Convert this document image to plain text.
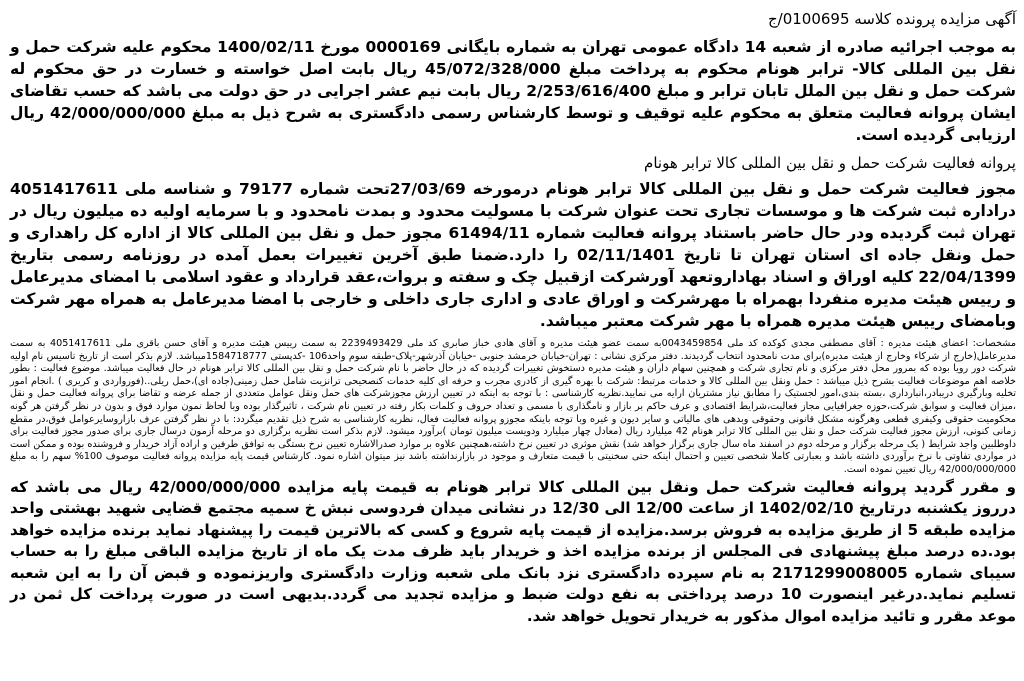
آگهی مزایده پرونده کلاسه 0100695/ج

به موجب اجرائیه صادره از شعبه 14 دادگاه عمومی تهران به شماره بایگانی 0000169 مورخ 1400/02/11 محکوم علیه شرکت حمل و نقل بین المللی کالا- ترابر هونام محکوم به پرداخت مبلغ 45/072/328/000 ریال بابت اصل خواسته و خسارت در حق محکوم له شرکت حمل و نقل بین الملل تابان ترابر و مبلغ 2/253/616/400 ریال بابت نیم عشر اجرایی در حق دولت می باشد که حسب تقاضای ایشان پروانه فعالیت متعلق به محکوم علیه توقیف و توسط کارشناس رسمی دادگستری به شرح ذیل به مبلغ 42/000/000/000 ریال ارزیابی گردیده است.

پروانه فعالیت شرکت حمل و نقل بین المللی کالا ترابر هونام

مجوز فعالیت شرکت حمل و نقل بین المللی کالا ترابر هونام درمورخه 27/03/69تحت شماره 79177 و شناسه ملی 4051417611 دراداره ثبت شرکت ها و موسسات تجاری تحت عنوان شرکت با مسولیت محدود و بمدت نامحدود و با سرمایه اولیه ده میلیون ریال در تهران ثبت گردیده ودر حال حاضر باستناد پروانه فعالیت شماره 61494/11 مجوز حمل و نقل بین المللی کالا از اداره کل راهداری و حمل ونقل جاده ای استان تهران تا تاریخ 02/11/1401 را دارد.ضمنا طبق آخرین تغییرات بعمل آمده در روزنامه رسمی بتاریخ 22/04/1399 کلیه اوراق و اسناد بهاداروتعهد آورشرکت ازقبیل چک و سفته و بروات،عقد قرارداد و عقود اسلامی با امضای مدیرعامل و رییس هیئت مدیره منفردا بهمراه با مهرشرکت و اوراق عادی و اداری جاری داخلی و خارجی با امضا مدیرعامل به همراه مهر شرکت وبامضای رییس هیئت مدیره همراه با مهر شرکت معتبر میباشد.

مشخصات: اعضای هیئت مدیره : آقای مصطفی مجدی کوکده کد ملی 0043459854به سمت عضو هیئت مدیره و آقای هادی خباز صابری کد ملی 2239493429 به سمت رییس هیئت مدیره و آقای حسن باقری ملی 4051417611 به سمت مدیرعامل(خارج از شرکاء وخارج از هیئت مدیره)برای مدت نامحدود انتخاب گردیدند. دفتر مرکزی نشانی : تهران-خیابان خرمشد جنوبی -خیابان آذرشهر-پلاک-طبقه سوم واحد106 -کدپستی 1584718777میباشد. لازم بذکر است از تاریخ تاسیس نام اولیه شرکت دور رویا بوده که بمرور محل دفتر مرکزی و نام تجاری شرکت و همچنین سهام داران و هیئت مدیره دستخوش تغییرات گردیده که در حال حاضر با نام شرکت حمل و نقل بین المللی کالا ترابر هونام در حال فعالیت میباشد. موضوع فعالیت : بطور خلاصه اهم موضوعات فعالیت بشرح ذیل میباشد : حمل ونقل بین المللی کالا و خدمات مرتبط: شرکت با بهره گیری از کادری مجرب و حرفه ای کلیه خدمات کنصحیحی ترانزیت شامل حمل زمینی(جاده ای)،حمل ریلی..(فورواردی و کریری ) .انجام امور تخلیه وبارگیری دریبادر،انبارداری ،بسته بندی،امور لجستیک را مطابق نیاز مشتریان ارایه می نمایید.نظریه کارشناسی : با توجه به اینکه در تعیین ارزش مجوزشرکت های حمل ونقل عوامل متعددی از جمله عرضه و تقاضا برای پروانه فعالیت حمل و نقل ،میزان فعالیت و سوابق شرکت،حوزه جغرافیایی مجاز فعالیت،شرایط اقتصادی و عرف حاکم بر بازار و نامگذاری با مسمی و تعداد حروف و کلمات بکار رفته در تعیین نام شرکت ، تاثیرگذار بوده وبا لحاظ نمون موارد فوق و بدون در نظر گرفتن هر گونه محکومیت حقوقی وکیفری قطعی وهرگونه مشکل قانونی وحقوقی وبدهی های مالیاتی و سایر دیون و غیره وبا توجه باینکه مجوزو پروانه فعالیت فعال، نظریه کارشناسی به شرح ذیل تقدیم میگردد: با در نظر گرفتن عرف بازاروسایرعوامل فوق،در مقطع زمانی کنونی، ارزش مجوز فعالیت شرکت حمل و نقل بین المللی کالا ترابر هونام 42 میلیارد ریال (معادل چهار میلیارد ودویست میلیون تومان )برآورد میشود. لازم بذکر است نظریه برگزاری دو مرحله آزمون درسال جاری برای صدور مجوز فعالیت برای داوطلبین واجد شرایط ( یک مرحله برگزار و مرحله دوم در اسفند ماه سال جاری برگزار خواهد شد) نقش موثری در تعیین نرخ داشته،همچنین علاوه بر موارد صدرالاشاره تعیین نرخ بستگی به توافق طرفین و اراده آزاد خریدار و فروشنده بوده و ممکن است در مواردی تفاوتی با نرخ برآوردی داشته باشد و بعبارتی کاملا شخصی تعیین و احتمال اینکه حتی سخنیتی با قیمت متعارف و موجود در بازارنداشته باشد نیز میتوان اشاره نمود. کارشناس قیمت پایه مزایده پروانه فعالیت موصوف 100% سهم را به مبلغ 42/000/000/000 ریال تعیین نموده است.

و مقرر گردید پروانه فعالیت شرکت حمل ونقل بین المللی کالا ترابر هونام به قیمت پایه مزایده 42/000/000/000 ریال می باشد که درروز یکشنبه درتاریخ 1402/02/10 از ساعت 12/00 الی 12/30 در نشانی میدان فردوسی نبش خ سمیه مجتمع قضایی شهید بهشتی واحد مزایده طبقه 5 از طریق مزایده به فروش برسد.مزایده از قیمت پایه شروع و کسی که بالاترین قیمت را پیشنهاد نماید برنده مزایده خواهد بود.ده درصد مبلغ پیشنهادی فی المجلس از برنده مزایده اخذ و خریدار باید ظرف مدت یک ماه از تاریخ مزایده الباقی مبلغ را به حساب سیبای شماره 2171299008005 به نام سپرده دادگستری نزد بانک ملی شعبه وزارت دادگستری واریزنموده و قبض آن را به این شعبه تسلیم نماید.درغیر اینصورت 10 درصد پرداختی به نفع دولت ضبط و مزایده تجدید می گردد.بدیهی است در صورت پرداخت کل ثمن در موعد مقرر و تائید مزایده اموال مذکور به خریدار تحویل خواهد شد.
